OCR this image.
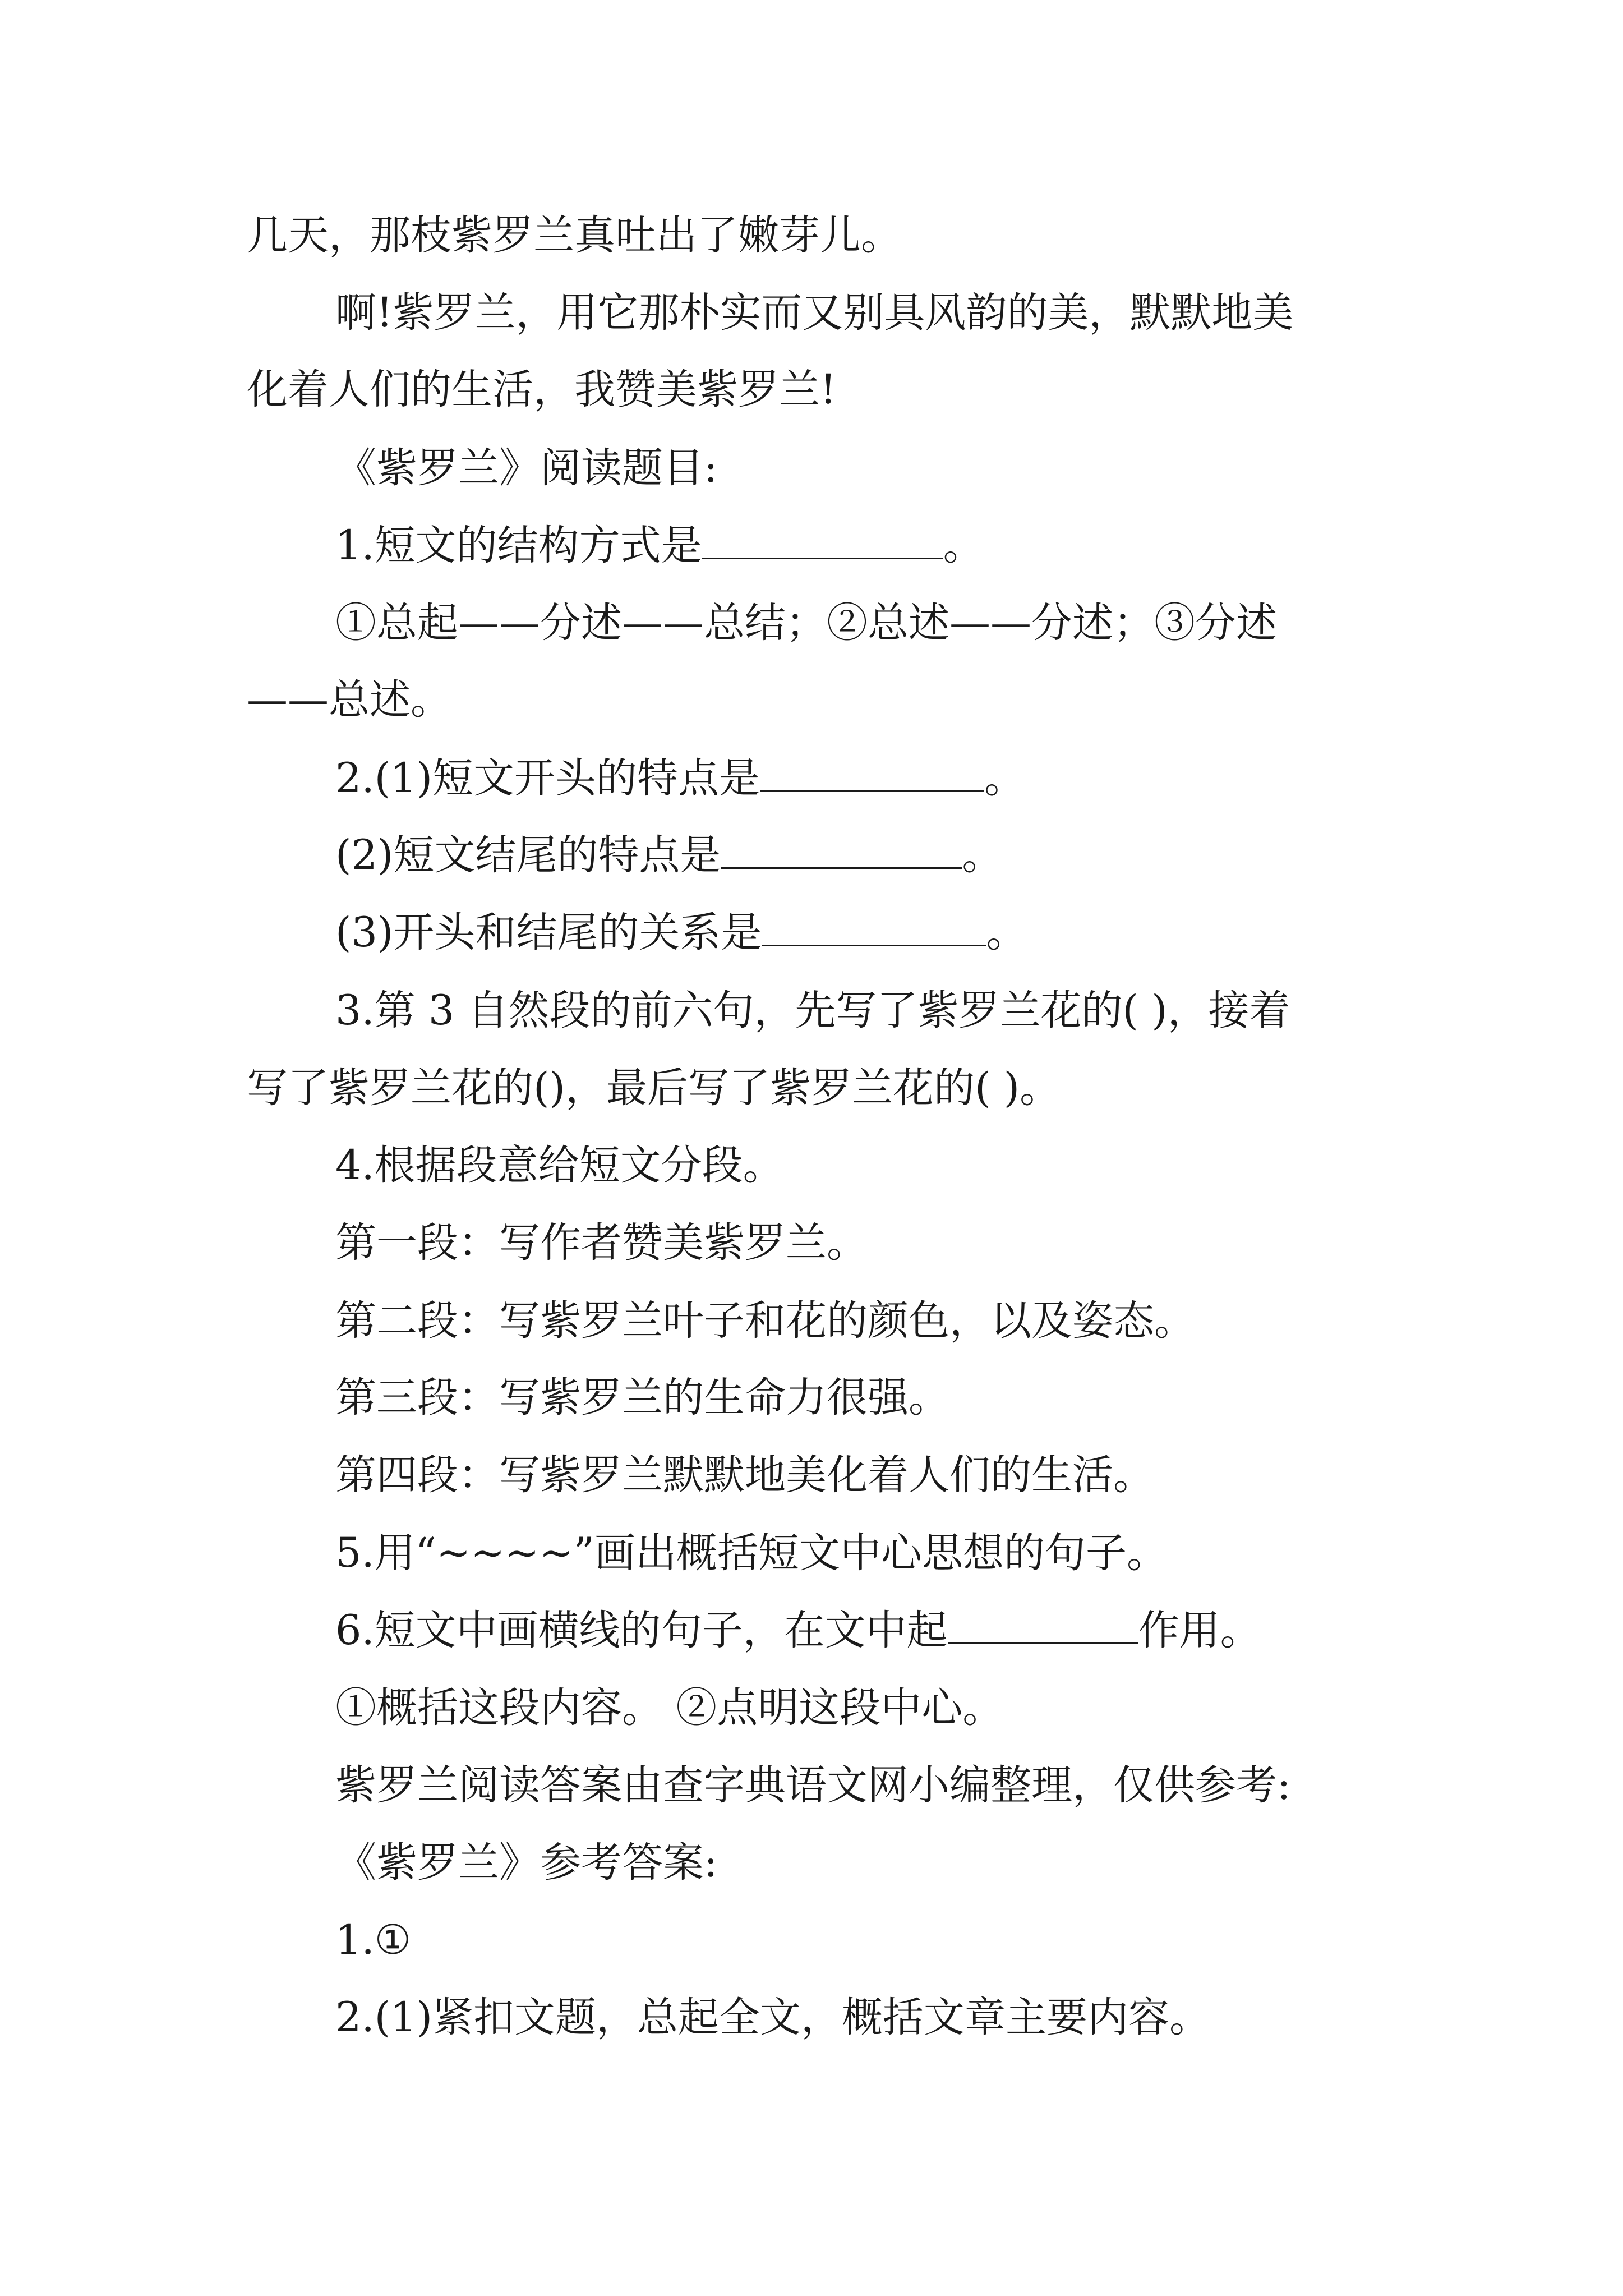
几天，那枝紫罗兰真吐出了嫩芽儿。

啊!紫罗兰，用它那朴实而又别具风韵的美，默默地美

化着人们的生活，我赞美紫罗兰!

《紫罗兰》阅读题目:

1.短文的结构方式是	。

①总起——分述——总结；②总述——分述；③分述

——总述。

2.(1)短文开头的特点是	。

(2)短文结尾的特点是	。

(3)开头和结尾的关系是	。

3.第 3 自然段的前六句，先写了紫罗兰花的( )，接着

写了紫罗兰花的()，最后写了紫罗兰花的( )。

4.根据段意给短文分段。

第一段：写作者赞美紫罗兰。

第二段：写紫罗兰叶子和花的颜色，以及姿态。

第三段：写紫罗兰的生命力很强。

第四段：写紫罗兰默默地美化着人们的生活。

5.用“~~~~”画出概括短文中心思想的句子。

6.短文中画横线的句子，在文中起	作用。

①概括这段内容。 ②点明这段中心。

紫罗兰阅读答案由查字典语文网小编整理，仅供参考:

《紫罗兰》参考答案:

1.①

2.(1)紧扣文题，总起全文，概括文章主要内容。
